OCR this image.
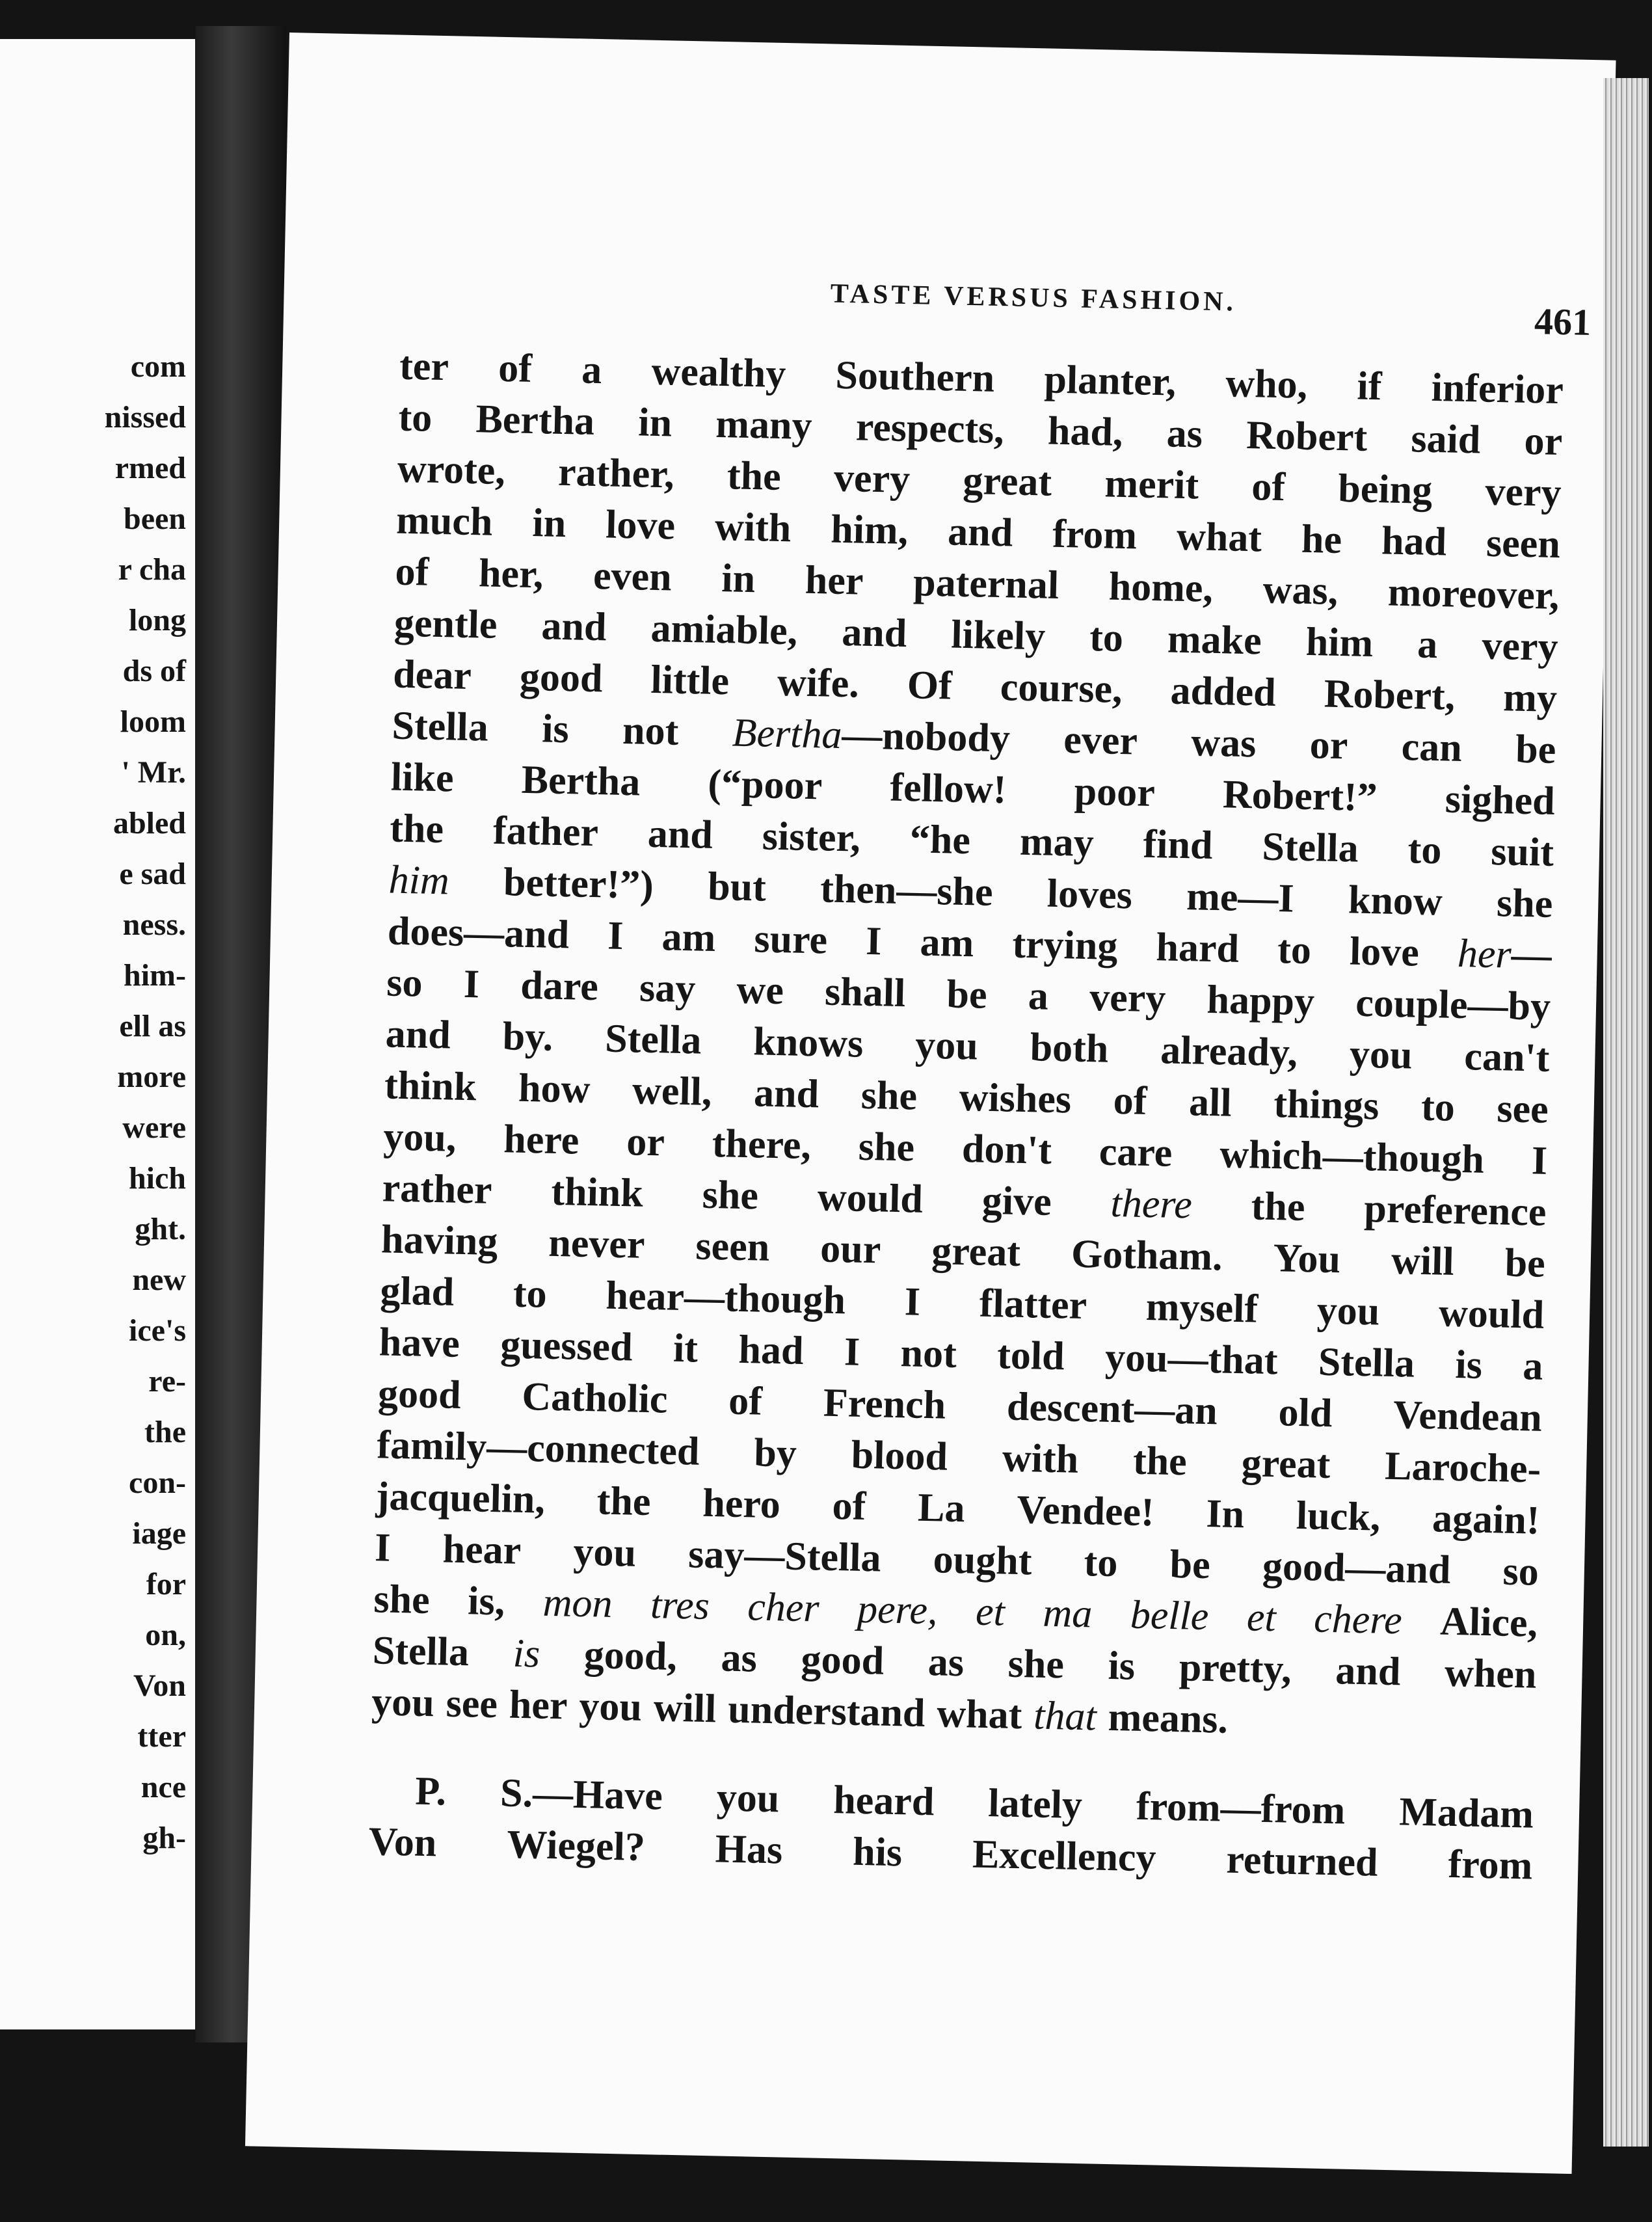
com
nissed
rmed
been
r cha
long
ds of
loom
' Mr.
abled
e sad
ness.
him-
ell as
more
were
hich
ght.
new
ice's
re-
the
con-
iage
for
on,
Von
tter
nce
gh-
TASTE VERSUS FASHION.
461
ter of a wealthy Southern planter, who, if inferior
to Bertha in many respects, had, as Robert said or
wrote, rather, the very great merit of being very
much in love with him, and from what he had seen
of her, even in her paternal home, was, moreover,
gentle and amiable, and likely to make him a very
dear good little wife. Of course, added Robert, my
Stella is not Bertha—nobody ever was or can be
like Bertha (“poor fellow! poor Robert!” sighed
the father and sister, “he may find Stella to suit
him better!”) but then—she loves me—I know she
does—and I am sure I am trying hard to love her—
so I dare say we shall be a very happy couple—by
and by. Stella knows you both already, you can't
think how well, and she wishes of all things to see
you, here or there, she don't care which—though I
rather think she would give there the preference
having never seen our great Gotham. You will be
glad to hear—though I flatter myself you would
have guessed it had I not told you—that Stella is a
good Catholic of French descent—an old Vendean
family—connected by blood with the great Laroche-
jacquelin, the hero of La Vendee! In luck, again!
I hear you say—Stella ought to be good—and so
she is, mon tres cher pere, et ma belle et chere Alice,
Stella is good, as good as she is pretty, and when
you see her you will understand what that means.
P. S.—Have you heard lately from—from Madam
Von Wiegel? Has his Excellency returned from
